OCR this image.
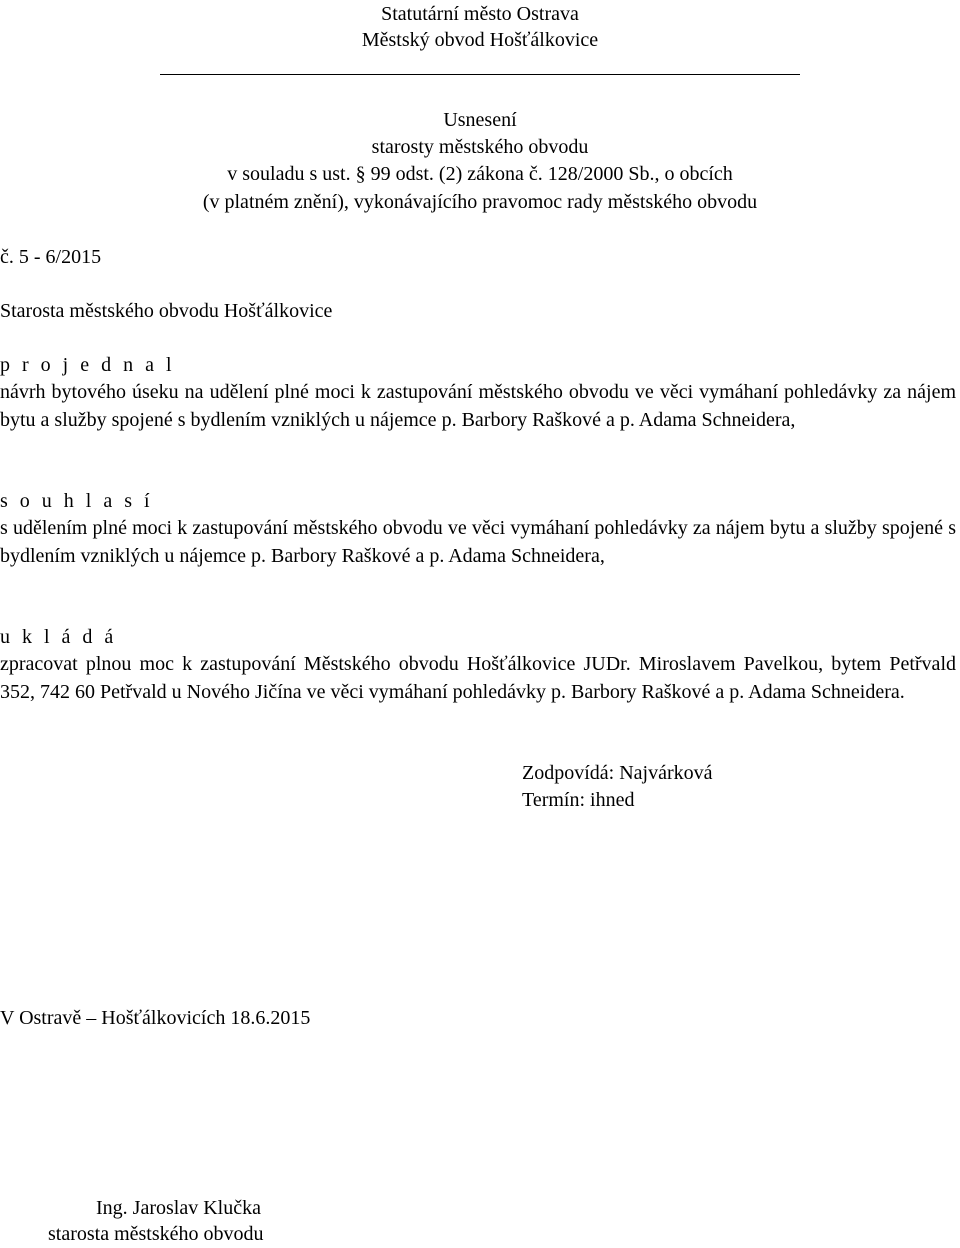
Statutární město Ostrava
Městský obvod Hošťálkovice
Usnesení
starosty městského obvodu
v souladu s ust. § 99 odst. (2) zákona č. 128/2000 Sb., o obcích
(v platném znění), vykonávajícího pravomoc rady městského obvodu
č. 5 - 6/2015
Starosta městského obvodu Hošťálkovice
p r o j e d n a l
návrh bytového úseku na udělení plné moci k zastupování městského obvodu ve věci vymáhaní pohledávky za nájem bytu a služby spojené s bydlením vzniklých u nájemce p. Barbory Raškové a p. Adama Schneidera,
s o u h l a s í
s udělením plné moci k zastupování městského obvodu ve věci vymáhaní pohledávky za nájem bytu a služby spojené s bydlením vzniklých u nájemce p. Barbory Raškové a p. Adama Schneidera,
u k l á d á
zpracovat plnou moc k zastupování Městského obvodu Hošťálkovice JUDr. Miroslavem Pavelkou, bytem Petřvald 352, 742 60 Petřvald u Nového Jičína ve věci vymáhaní pohledávky p. Barbory Raškové a p. Adama Schneidera.
Zodpovídá: Najvárková
Termín: ihned
V Ostravě – Hošťálkovicích 18.6.2015
Ing. Jaroslav Klučka
starosta městského obvodu
